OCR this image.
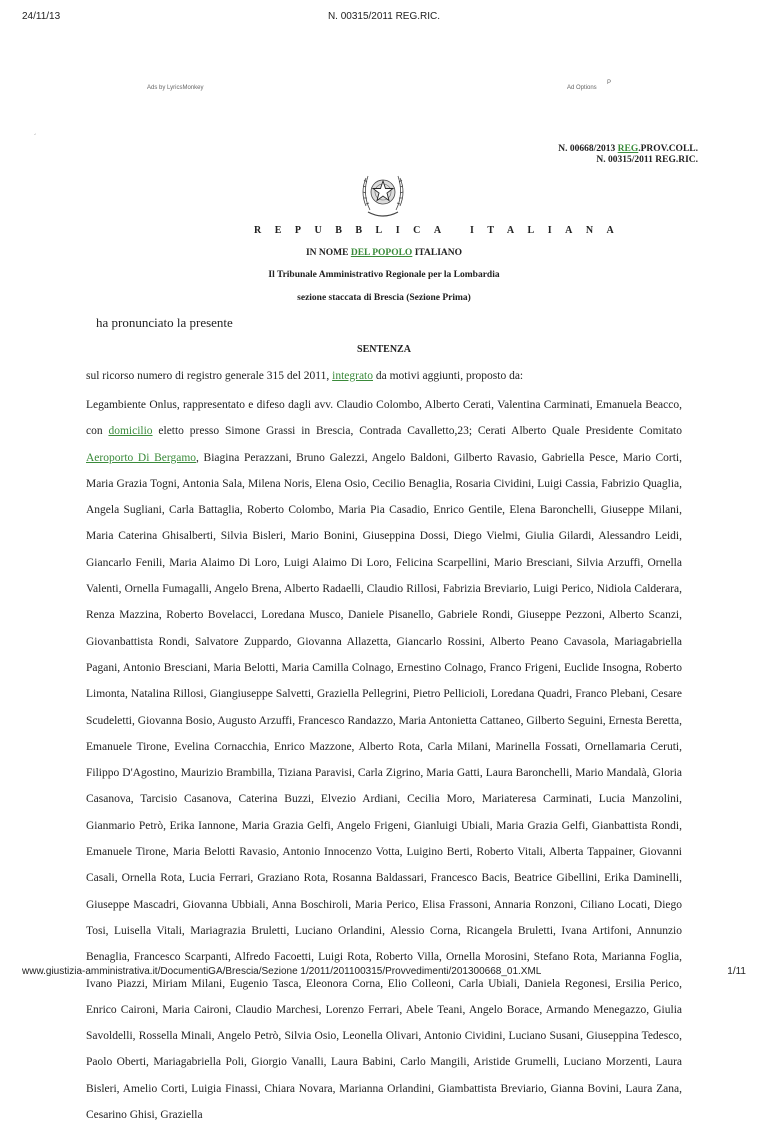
24/11/13	N. 00315/2011 REG.RIC.
Ads by LyricsMonkey	Ad Options
P
´
N. 00668/2013 REG.PROV.COLL.
N. 00315/2011 REG.RIC.
REPUBBLICA ITALIANA
IN NOME DEL POPOLO ITALIANO
Il Tribunale Amministrativo Regionale per la Lombardia
sezione staccata di Brescia (Sezione Prima)
ha pronunciato la presente
SENTENZA
sul ricorso numero di registro generale 315 del 2011, integrato da motivi aggiunti, proposto da:
Legambiente Onlus, rappresentato e difeso dagli avv. Claudio Colombo, Alberto Cerati, Valentina Carminati, Emanuela Beacco, con domicilio eletto presso Simone Grassi in Brescia, Contrada Cavalletto,23; Cerati Alberto Quale Presidente Comitato Aeroporto Di Bergamo, Biagina Perazzani, Bruno Galezzi, Angelo Baldoni, Gilberto Ravasio, Gabriella Pesce, Mario Corti, Maria Grazia Togni, Antonia Sala, Milena Noris, Elena Osio, Cecilio Benaglia, Rosaria Cividini, Luigi Cassia, Fabrizio Quaglia, Angela Sugliani, Carla Battaglia, Roberto Colombo, Maria Pia Casadio, Enrico Gentile, Elena Baronchelli, Giuseppe Milani, Maria Caterina Ghisalberti, Silvia Bisleri, Mario Bonini, Giuseppina Dossi, Diego Vielmi, Giulia Gilardi, Alessandro Leidi, Giancarlo Fenili, Maria Alaimo Di Loro, Luigi Alaimo Di Loro, Felicina Scarpellini, Mario Bresciani, Silvia Arzuffi, Ornella Valenti, Ornella Fumagalli, Angelo Brena, Alberto Radaelli, Claudio Rillosi, Fabrizia Breviario, Luigi Perico, Nidiola Calderara, Renza Mazzina, Roberto Bovelacci, Loredana Musco, Daniele Pisanello, Gabriele Rondi, Giuseppe Pezzoni, Alberto Scanzi, Giovanbattista Rondi, Salvatore Zuppardo, Giovanna Allazetta, Giancarlo Rossini, Alberto Peano Cavasola, Mariagabriella Pagani, Antonio Bresciani, Maria Belotti, Maria Camilla Colnago, Ernestino Colnago, Franco Frigeni, Euclide Insogna, Roberto Limonta, Natalina Rillosi, Giangiuseppe Salvetti, Graziella Pellegrini, Pietro Pellicioli, Loredana Quadri, Franco Plebani, Cesare Scudeletti, Giovanna Bosio, Augusto Arzuffi, Francesco Randazzo, Maria Antonietta Cattaneo, Gilberto Seguini, Ernesta Beretta, Emanuele Tirone, Evelina Cornacchia, Enrico Mazzone, Alberto Rota, Carla Milani, Marinella Fossati, Ornellamaria Ceruti, Filippo D'Agostino, Maurizio Brambilla, Tiziana Paravisi, Carla Zigrino, Maria Gatti, Laura Baronchelli, Mario Mandalà, Gloria Casanova, Tarcisio Casanova, Caterina Buzzi, Elvezio Ardiani, Cecilia Moro, Mariateresa Carminati, Lucia Manzolini, Gianmario Petrò, Erika Iannone, Maria Grazia Gelfi, Angelo Frigeni, Gianluigi Ubiali, Maria Grazia Gelfi, Gianbattista Rondi, Emanuele Tirone, Maria Belotti Ravasio, Antonio Innocenzo Votta, Luigino Berti, Roberto Vitali, Alberta Tappainer, Giovanni Casali, Ornella Rota, Lucia Ferrari, Graziano Rota, Rosanna Baldassari, Francesco Bacis, Beatrice Gibellini, Erika Daminelli, Giuseppe Mascadri, Giovanna Ubbiali, Anna Boschiroli, Maria Perico, Elisa Frassoni, Annaria Ronzoni, Ciliano Locati, Diego Tosi, Luisella Vitali, Mariagrazia Bruletti, Luciano Orlandini, Alessio Corna, Ricangela Bruletti, Ivana Artifoni, Annunzio Benaglia, Francesco Scarpanti, Alfredo Facoetti, Luigi Rota, Roberto Villa, Ornella Morosini, Stefano Rota, Marianna Foglia, Ivano Piazzi, Miriam Milani, Eugenio Tasca, Eleonora Corna, Elio Colleoni, Carla Ubiali, Daniela Regonesi, Ersilia Perico, Enrico Caironi, Maria Caironi, Claudio Marchesi, Lorenzo Ferrari, Abele Teani, Angelo Borace, Armando Menegazzo, Giulia Savoldelli, Rossella Minali, Angelo Petrò, Silvia Osio, Leonella Olivari, Antonio Cividini, Luciano Susani, Giuseppina Tedesco, Paolo Oberti, Mariagabriella Poli, Giorgio Vanalli, Laura Babini, Carlo Mangili, Aristide Grumelli, Luciano Morzenti, Laura Bisleri, Amelio Corti, Luigia Finassi, Chiara Novara, Marianna Orlandini, Giambattista Breviario, Gianna Bovini, Laura Zana, Cesarino Ghisi, Graziella
www.giustizia-amministrativa.it/DocumentiGA/Brescia/Sezione 1/2011/201100315/Provvedimenti/201300668_01.XML	1/11
